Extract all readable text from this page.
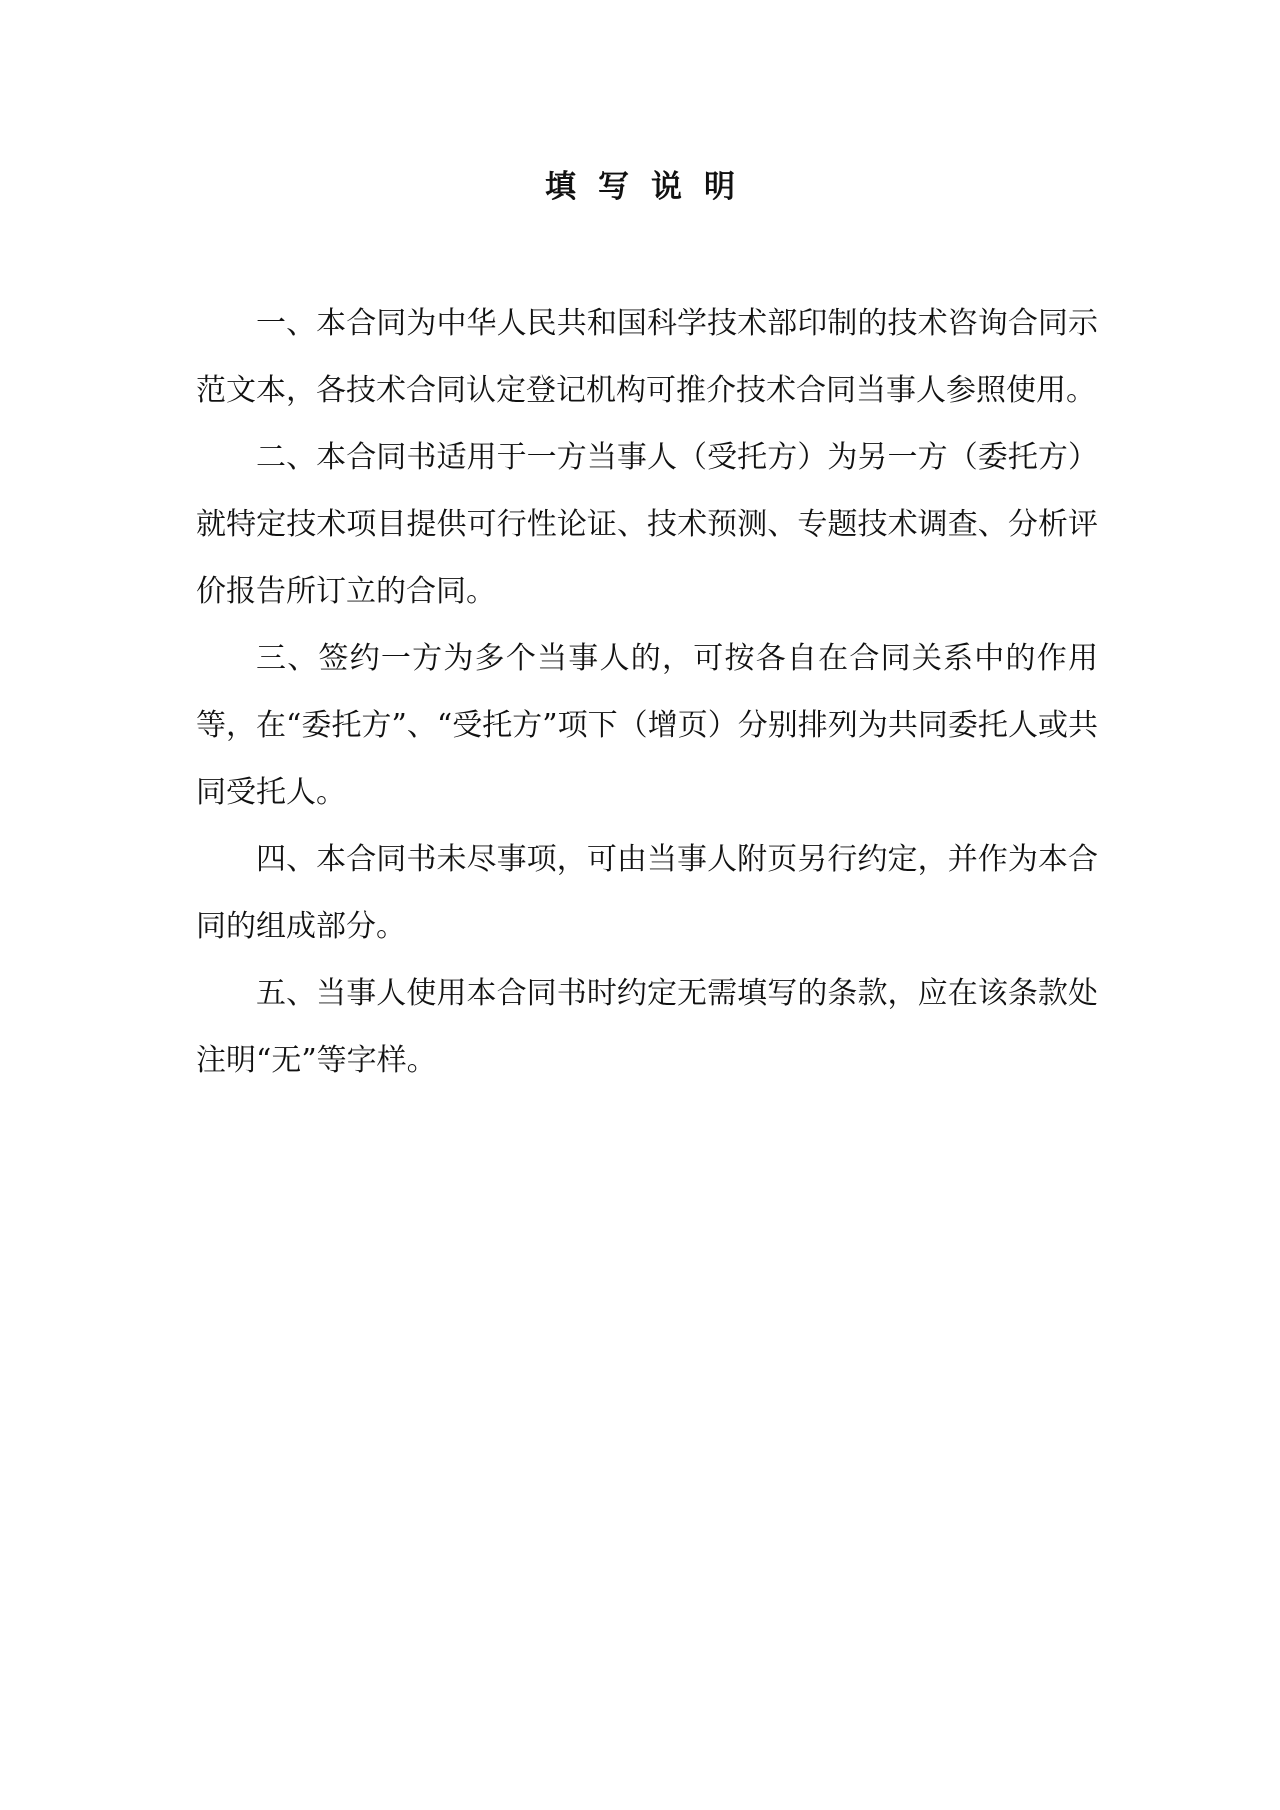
填写说明

一、本合同为中华人民共和国科学技术部印制的技术咨询合同示范文本，各技术合同认定登记机构可推介技术合同当事人参照使用。

二、本合同书适用于一方当事人（受托方）为另一方（委托方）就特定技术项目提供可行性论证、技术预测、专题技术调查、分析评价报告所订立的合同。

三、签约一方为多个当事人的，可按各自在合同关系中的作用等，在“委托方”、“受托方”项下（增页）分别排列为共同委托人或共同受托人。

四、本合同书未尽事项，可由当事人附页另行约定，并作为本合同的组成部分。

五、当事人使用本合同书时约定无需填写的条款，应在该条款处注明“无”等字样。
